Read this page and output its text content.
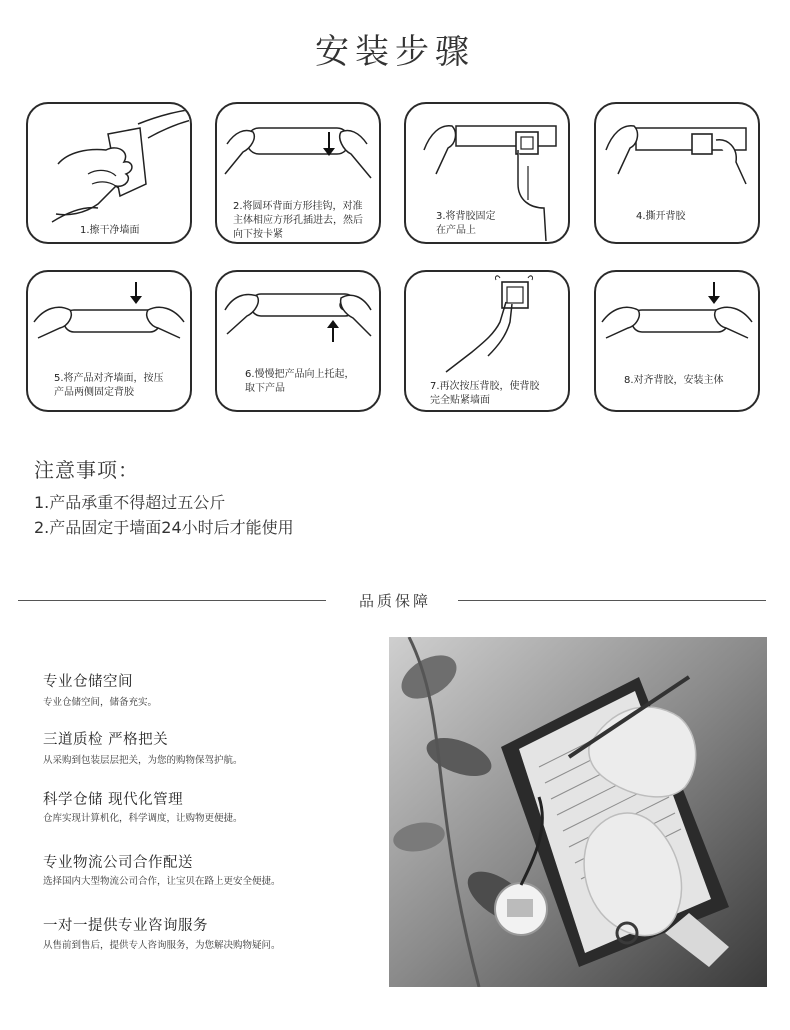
安装步骤
1.擦干净墙面
2.将圆环背面方形挂钩，对准
主体相应方形孔插进去，然后
向下按卡紧
3.将背胶固定
在产品上
4.撕开背胶
5.将产品对齐墙面，按压
产品两侧固定背胶
6.慢慢把产品向上托起，
取下产品	7.再次按压背胶，使背胶
完全贴紧墙面
8.对齐背胶，安装主体
注意事项：
1.产品承重不得超过五公斤
2.产品固定于墙面24小时后才能使用
品质保障
专业仓储空间
专业仓储空间，储备充实。
三道质检 严格把关
从采购到包装层层把关，为您的购物保驾护航。
科学仓储 现代化管理
仓库实现计算机化，科学调度，让购物更便捷。
专业物流公司合作配送
选择国内大型物流公司合作，让宝贝在路上更安全便捷。
一对一提供专业咨询服务
从售前到售后，提供专人咨询服务，为您解决购物疑问。
